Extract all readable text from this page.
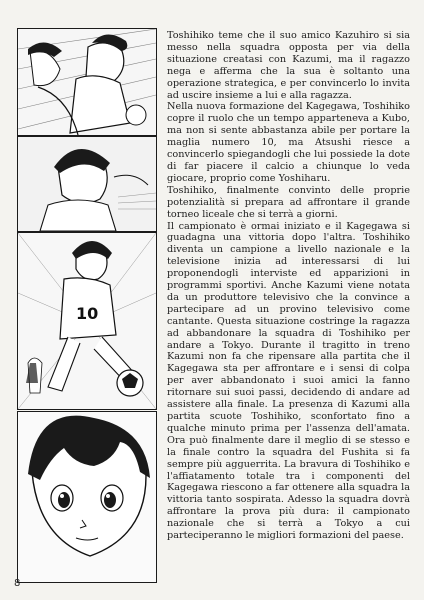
10

Toshihiko teme che il suo amico Kazuhiro si sia messo nella squadra opposta per via della situazione creatasi con Kazumi, ma il ragazzo nega e afferma che la sua è soltanto una operazione strategica, e per convincerlo lo invita ad uscire insieme a lui e alla ragazza.

Nella nuova formazione del Kagegawa, Toshihiko copre il ruolo che un tempo apparteneva a Kubo, ma non si sente abbastanza abile per portare la maglia numero 10, ma Atsushi riesce a convincerlo spiegandogli che lui possiede la dote di far piacere il calcio a chiunque lo veda giocare, proprio come Yoshiharu.

Toshihiko, finalmente convinto delle proprie potenzialità si prepara ad affrontare il grande torneo liceale che si terrà a giorni.

Il campionato è ormai iniziato e il Kagegawa si guadagna una vittoria dopo l'altra. Toshihiko diventa un campione a livello nazionale e la televisione inizia ad interessarsi di lui proponendogli interviste ed apparizioni in programmi sportivi. Anche Kazumi viene notata da un produttore televisivo che la convince a partecipare ad un provino televisivo come cantante. Questa situazione costringe la ragazza ad abbandonare la squadra di Toshihiko per andare a Tokyo. Durante il tragitto in treno Kazumi non fa che ripensare alla partita che il Kagegawa sta per affrontare e i sensi di colpa per aver abbandonato i suoi amici la fanno ritornare sui suoi passi, decidendo di andare ad assistere alla finale. La presenza di Kazumi alla partita scuote Toshihiko, sconfortato fino a qualche minuto prima per l'assenza dell'amata. Ora può finalmente dare il meglio di se stesso e la finale contro la squadra del Fushita si fa sempre più agguerrita. La bravura di Toshihiko e l'affiatamento totale tra i componenti del Kagegawa riescono a far ottenere alla squadra la vittoria tanto sospirata. Adesso la squadra dovrà affrontare la prova più dura: il campionato nazionale che si terrà a Tokyo a cui parteciperanno le migliori formazioni del paese.

8
